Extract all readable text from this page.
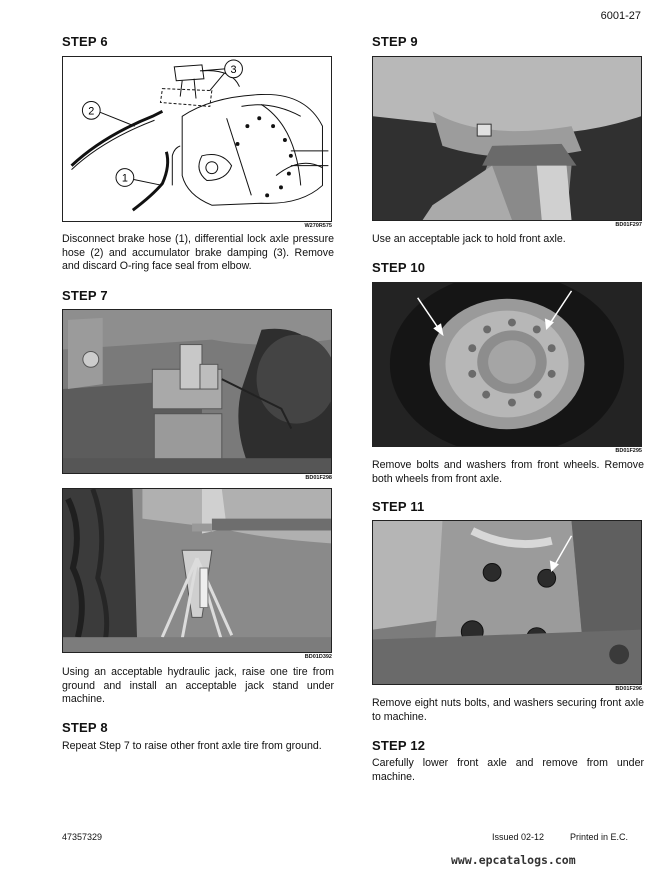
6001-27
STEP 6
2
1
3
W270R575
Disconnect brake hose (1), differential lock axle pressure hose (2) and accumulator brake damping (3). Remove and discard O-ring face seal from elbow.
STEP 7
BD01F298
BD01D392
Using an acceptable hydraulic jack, raise one tire from ground and install an acceptable jack stand under machine.
STEP 8
Repeat Step 7 to raise other front axle tire from ground.
STEP 9
BD01F297
Use an acceptable jack to hold front axle.
STEP 10
BD01F295
Remove bolts and washers from front wheels. Remove both wheels from front axle.
STEP 11
BD01F296
Remove eight nuts bolts, and washers securing front axle to machine.
STEP 12
Carefully lower front axle and remove from under machine.
47357329	Issued 02-12	Printed in E.C.
www.epcatalogs.com
